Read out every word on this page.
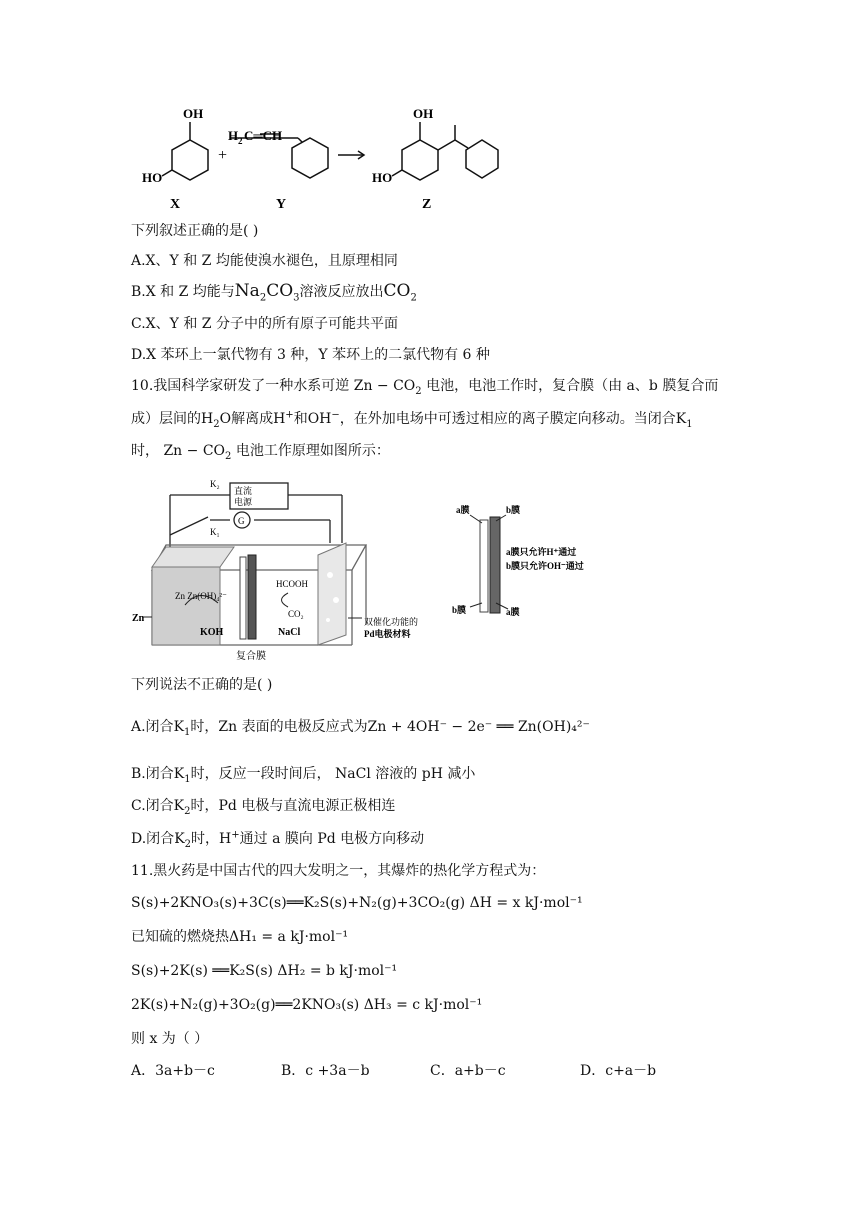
OH
HO
+
H 2 C═CH
OH
HO
X	Y	Z
下列叙述正确的是( )
A.X、Y 和 Z 均能使溴水褪色，且原理相同
B.X 和 Z 均能与$Na_2CO_3$溶液反应放出$CO_2$
C.X、Y 和 Z 分子中的所有原子可能共平面
D.X 苯环上一氯代物有 3 种，Y 苯环上的二氯代物有 6 种
10.我国科学家研发了一种水系可逆 $Zn - CO_2$ 电池，电池工作时，复合膜（由 a、b 膜复合而
成）层间的$H_2O$解离成H+和OH−，在外加电场中可透过相应的离子膜定向移动。当闭合$K_1$
时， $Zn - CO_2$ 电池工作原理如图所示：
直流
电源
K₂
K₁
G
Zn
Zn Zn(OH)₄²⁻
KOH	NaCl
HCOOH
CO₂
复合膜
双催化功能的
Pd电极材料
a膜	b膜
b膜	a膜
a膜只允许H⁺通过
b膜只允许OH⁻通过
下列说法不正确的是( )
A.闭合$K_1$时，Zn 表面的电极反应式为Zn + 4OH⁻ − 2e⁻ ══ Zn(OH)₄²⁻
B.闭合$K_1$时，反应一段时间后， NaCl 溶液的 pH 减小
C.闭合$K_2$时，Pd 电极与直流电源正极相连
D.闭合$K_2$时，H+通过 a 膜向 Pd 电极方向移动
11.黑火药是中国古代的四大发明之一，其爆炸的热化学方程式为：
S(s)+2KNO₃(s)+3C(s)══K₂S(s)+N₂(g)+3CO₂(g) ΔH = x kJ·mol⁻¹
已知硫的燃烧热ΔH₁ = a kJ·mol⁻¹
S(s)+2K(s) ══K₂S(s) ΔH₂ = b kJ·mol⁻¹
2K(s)+N₂(g)+3O₂(g)══2KNO₃(s) ΔH₃ = c kJ·mol⁻¹
则 x 为（ ）
A．3a+b－c	B．c +3a－b	C．a+b－c	D．c+a－b
